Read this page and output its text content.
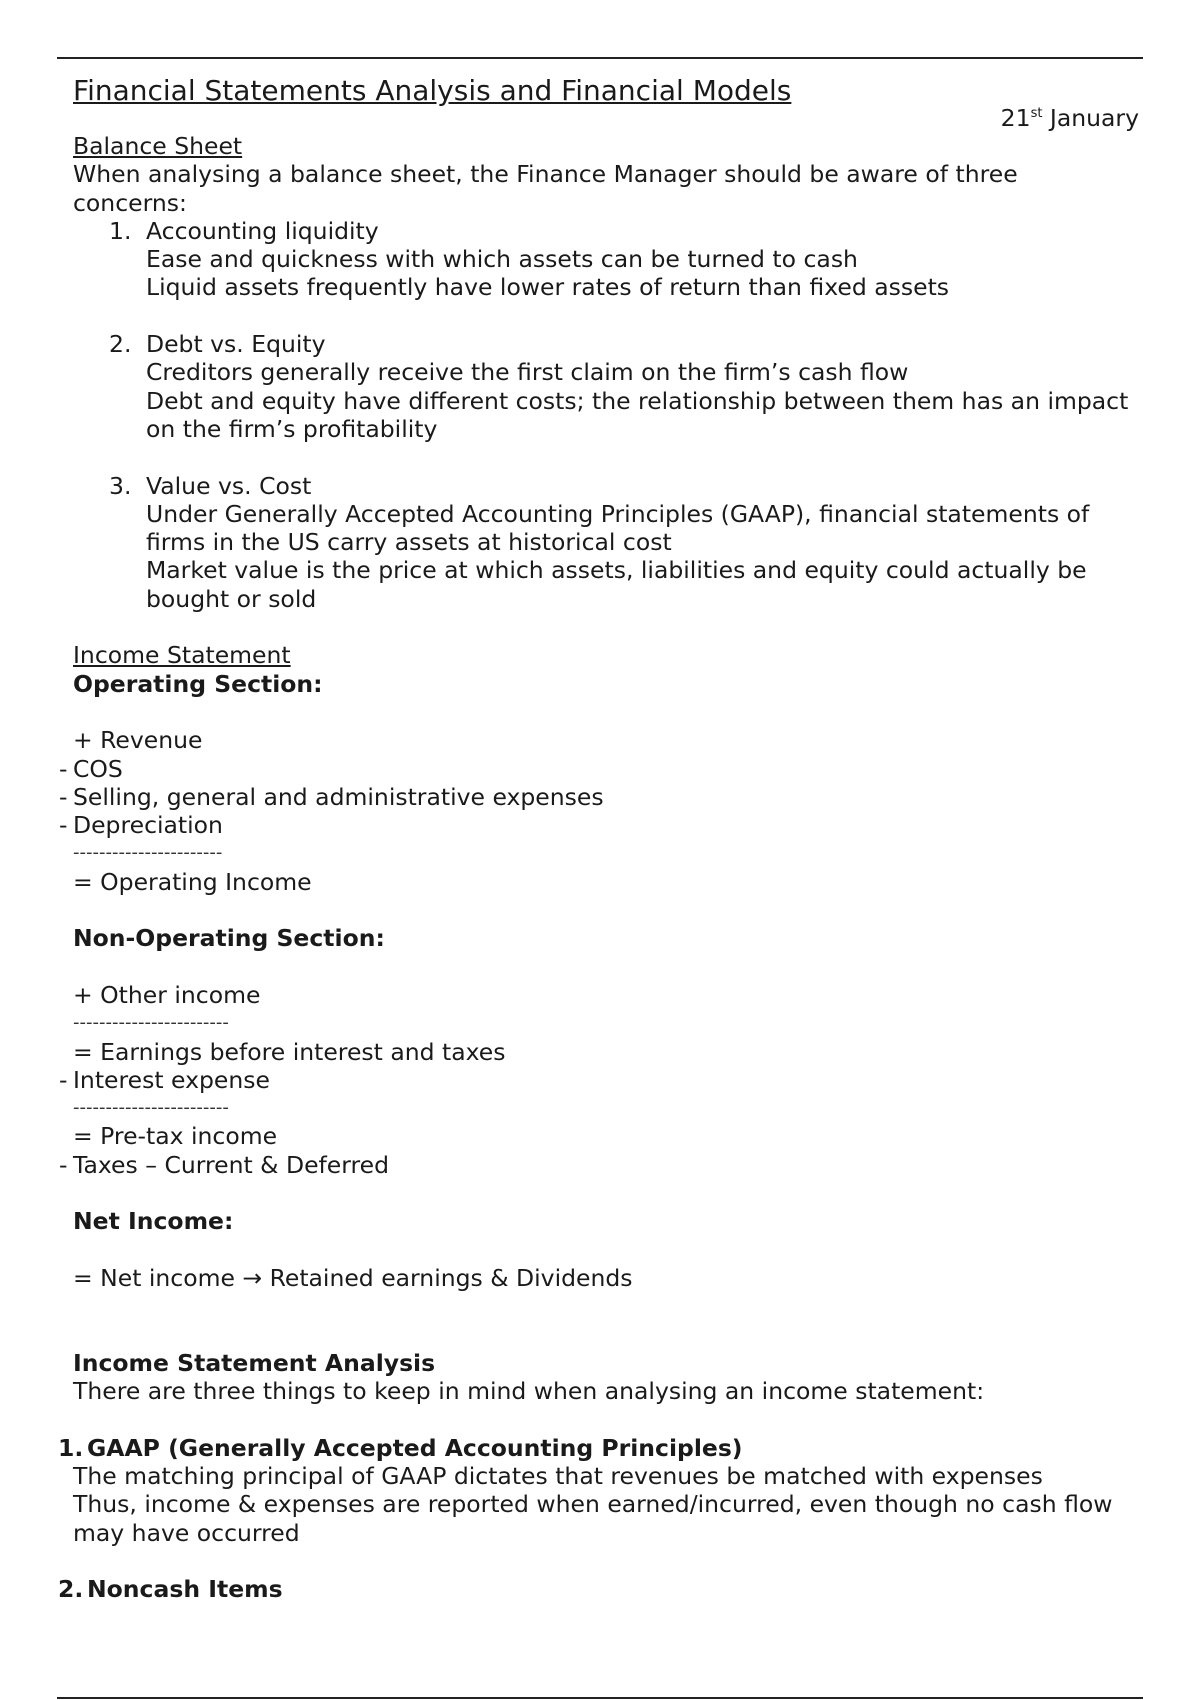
Financial Statements Analysis and Financial Models
21st January
Balance Sheet

When analysing a balance sheet, the Finance Manager should be aware of three concerns:

1. Accounting liquidity
Ease and quickness with which assets can be turned to cash
Liquid assets frequently have lower rates of return than fixed assets
2. Debt vs. Equity
Creditors generally receive the first claim on the firm’s cash flow
Debt and equity have different costs; the relationship between them has an impact on the firm’s profitability
3. Value vs. Cost
Under Generally Accepted Accounting Principles (GAAP), financial statements of firms in the US carry assets at historical cost
Market value is the price at which assets, liabilities and equity could actually be bought or sold
Income Statement
Operating Section:
+ Revenue
- COS
- Selling, general and administrative expenses
- Depreciation
-----------------------
= Operating Income
Non-Operating Section:
+ Other income
------------------------
= Earnings before interest and taxes
- Interest expense
------------------------
= Pre-tax income
- Taxes – Current & Deferred
Net Income:
= Net income → Retained earnings & Dividends
Income Statement Analysis

There are three things to keep in mind when analysing an income statement:

1. GAAP (Generally Accepted Accounting Principles)
The matching principal of GAAP dictates that revenues be matched with expenses
Thus, income & expenses are reported when earned/incurred, even though no cash flow may have occurred
2. Noncash Items
